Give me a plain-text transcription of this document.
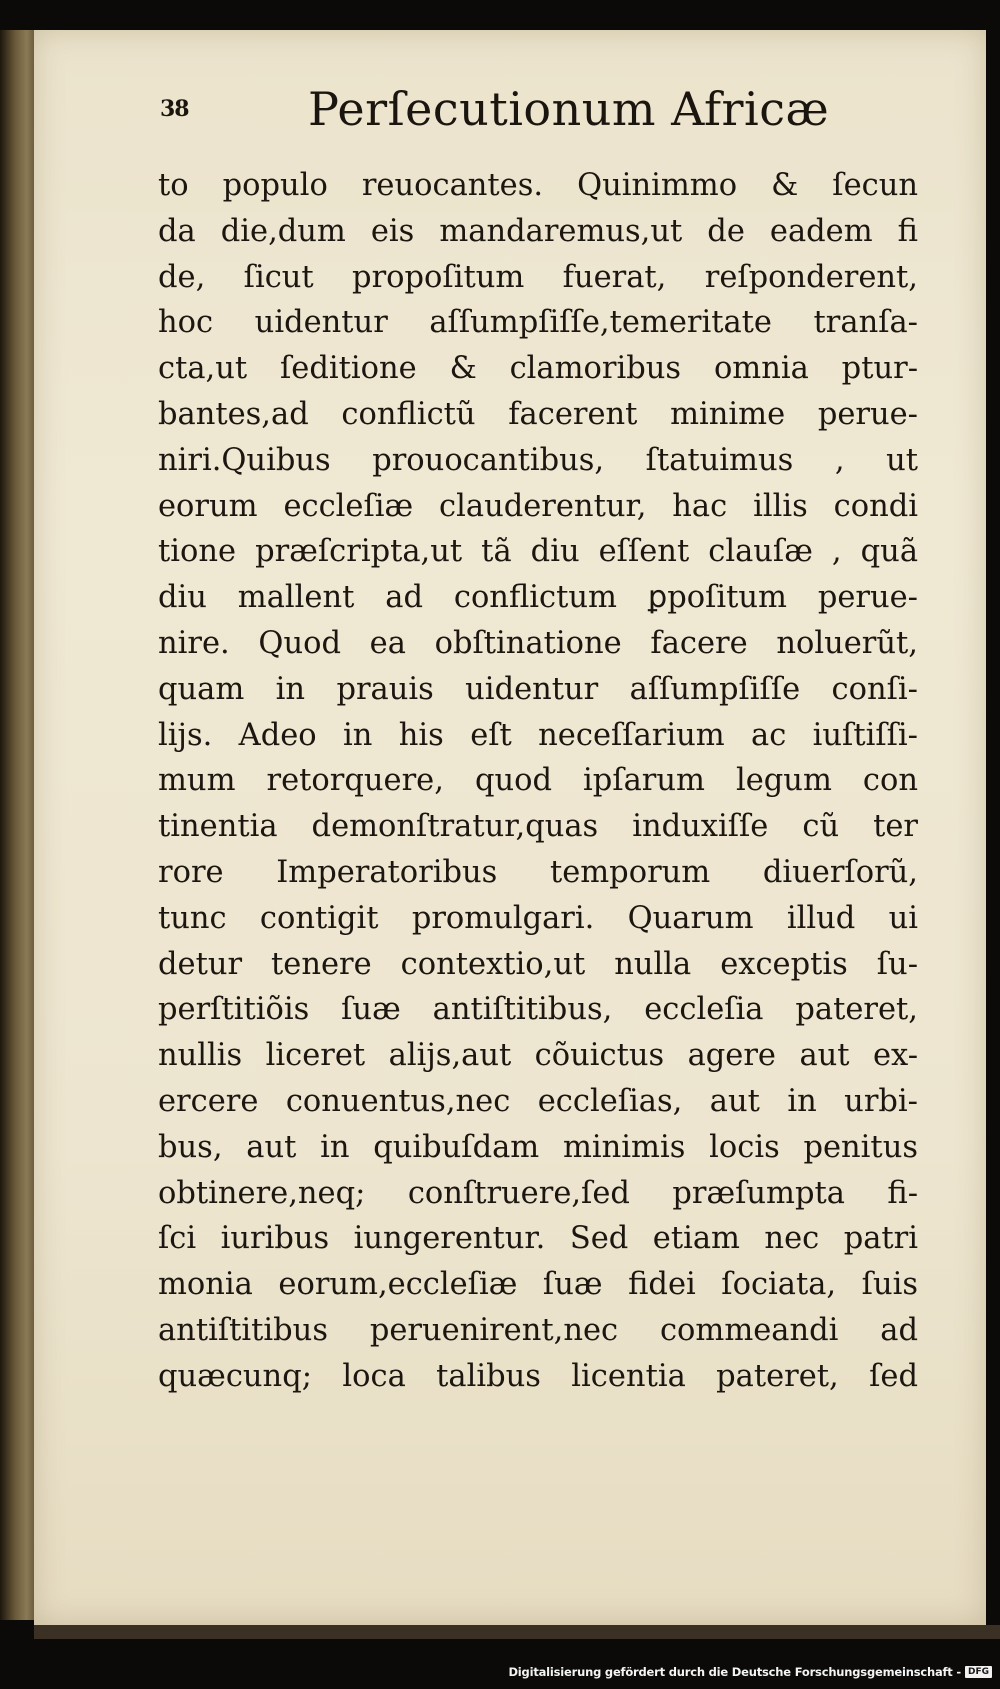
38	Perſecutionum Africæ
to populo reuocantes. Quinimmo & ſecun
da die,dum eis mandaremus,ut de eadem fi
de, ſicut propoſitum fuerat, reſponderent,
hoc uidentur aſſumpſiſſe,temeritate tranſa-
cta,ut ſeditione & clamoribus omnia ptur-
bantes,ad conflictũ facerent minime perue-
niri.Quibus prouocantibus, ſtatuimus , ut
eorum eccleſiæ clauderentur, hac illis condi
tione præſcripta,ut tã diu eſſent clauſæ , quã
diu mallent ad conflictum ꝑpoſitum perue-
nire. Quod ea obſtinatione facere noluerũt,
quam in prauis uidentur aſſumpſiſſe conſi-
lijs. Adeo in his eſt neceſſarium ac iuſtiſſi-
mum retorquere, quod ipſarum legum con
tinentia demonſtratur,quas induxiſſe cũ ter
rore Imperatoribus temporum diuerſorũ,
tunc contigit promulgari. Quarum illud ui
detur tenere contextio,ut nulla exceptis ſu-
perſtitiõis ſuæ antiſtitibus, eccleſia pateret,
nullis liceret alijs,aut cõuictus agere aut ex-
ercere conuentus,nec eccleſias, aut in urbi-
bus, aut in quibuſdam minimis locis penitus
obtinere,neq; conſtruere,ſed præſumpta fi-
ſci iuribus iungerentur. Sed etiam nec patri
monia eorum,eccleſiæ ſuæ fidei ſociata, ſuis
antiſtitibus peruenirent,nec commeandi ad
quæcunq; loca talibus licentia pateret, ſed
Digitalisierung gefördert durch die Deutsche Forschungsgemeinschaft - DFG
